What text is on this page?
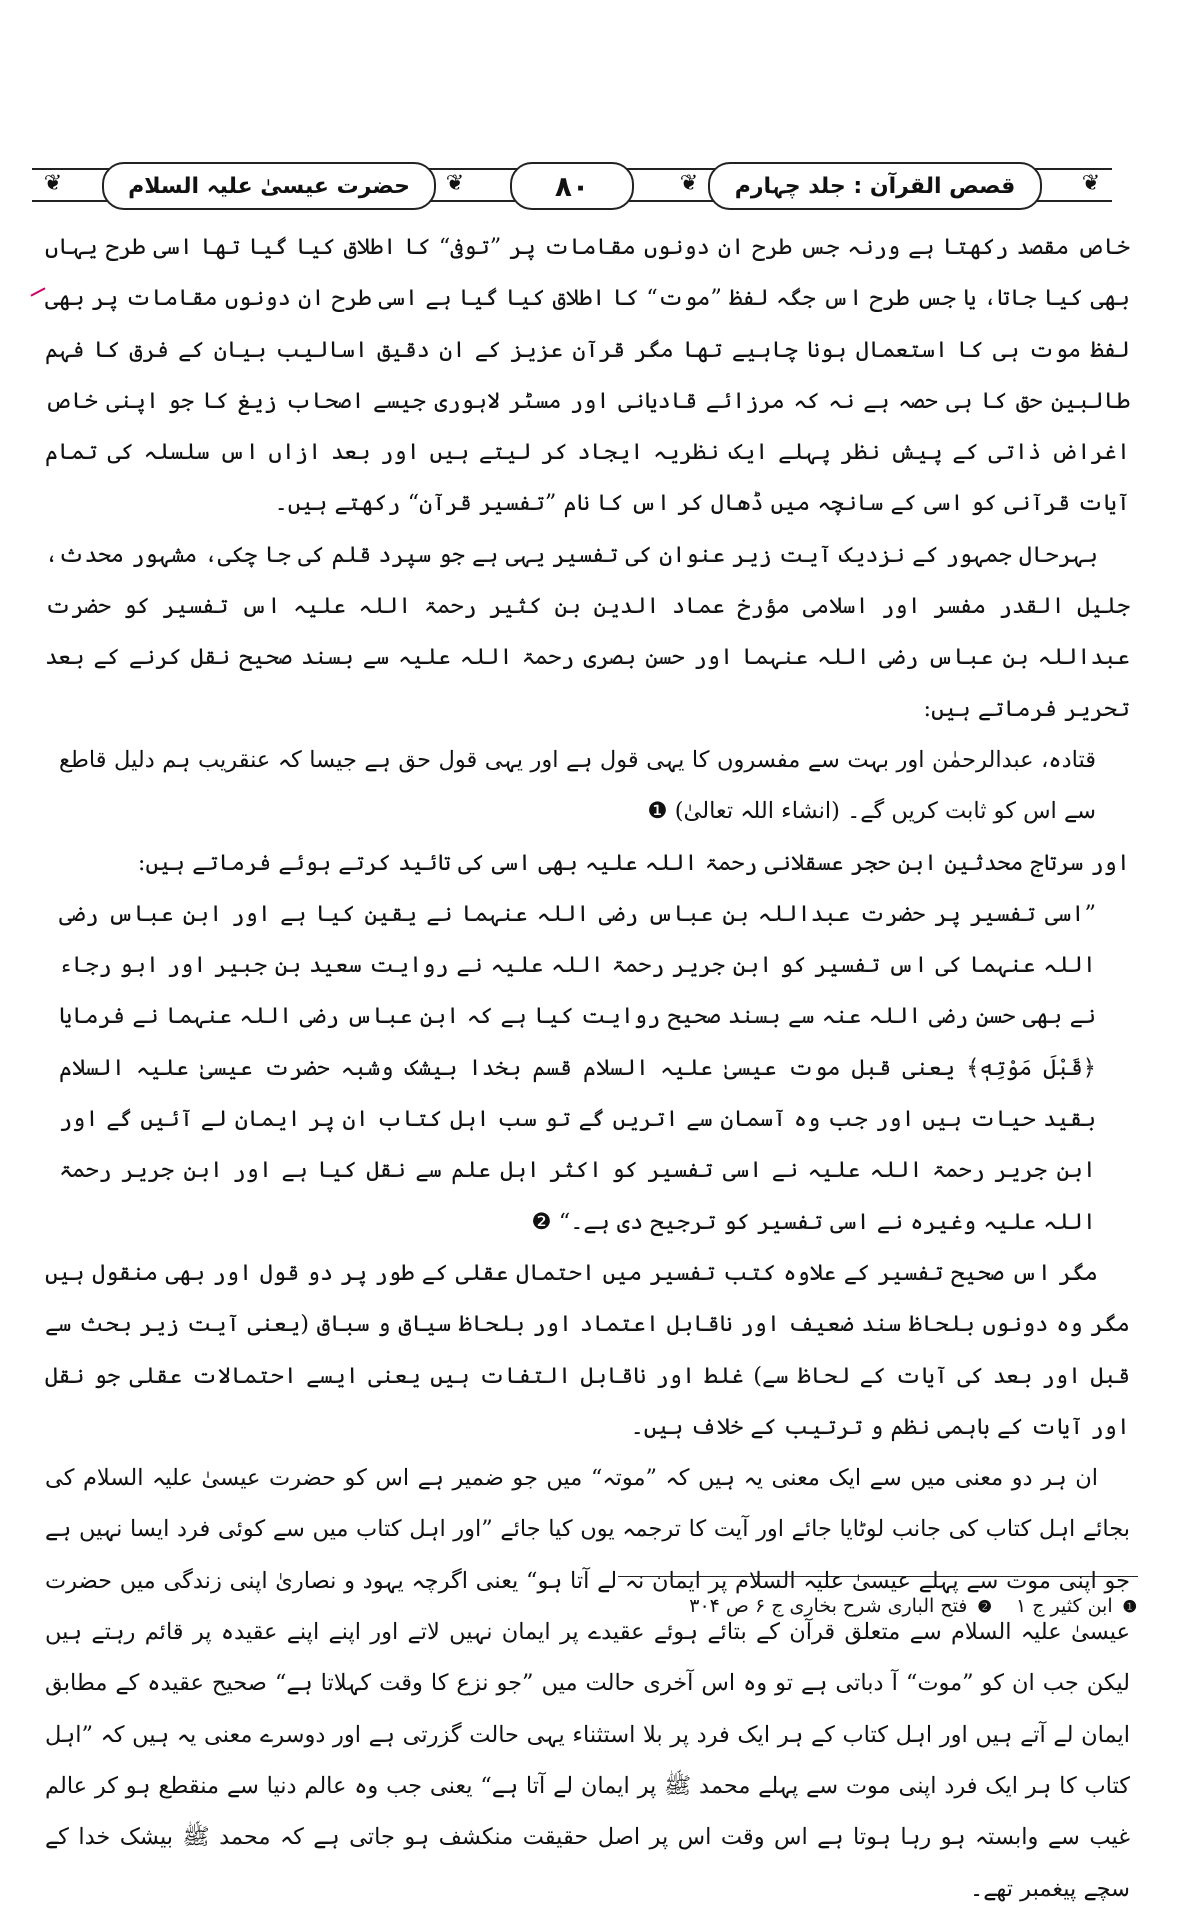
❦
❦
❦
❦	قصص القرآن : جلد چہارم
۸۰
حضرت عیسیٰ علیہ السلام

خاص مقصد رکھتا ہے ورنہ جس طرح ان دونوں مقامات پر ”توفی“ کا اطلاق کیا گیا تھا اسی طرح یہاں بھی کیا جاتا، یا جس طرح اس جگہ لفظ ”موت“ کا اطلاق کیا گیا ہے اسی طرح ان دونوں مقامات پر بھی لفظ موت ہی کا استعمال ہونا چاہیے تھا مگر قرآن عزیز کے ان دقیق اسالیب بیان کے فرق کا فہم طالبین حق کا ہی حصہ ہے نہ کہ مرزائے قادیانی اور مسٹر لاہوری جیسے اصحاب زیغ کا جو اپنی خاص اغراض ذاتی کے پیش نظر پہلے ایک نظریہ ایجاد کر لیتے ہیں اور بعد ازاں اس سلسلہ کی تمام آیات قرآنی کو اسی کے سانچہ میں ڈھال کر اس کا نام ”تفسیر قرآن“ رکھتے ہیں۔

بہرحال جمہور کے نزدیک آیت زیر عنوان کی تفسیر یہی ہے جو سپرد قلم کی جا چکی، مشہور محدث، جلیل القدر مفسر اور اسلامی مؤرخ عماد الدین بن کثیر رحمۃ اللہ علیہ اس تفسیر کو حضرت عبداللہ بن عباس رضی اللہ عنہما اور حسن بصری رحمۃ اللہ علیہ سے بسند صحیح نقل کرنے کے بعد تحریر فرماتے ہیں:

قتادہ، عبدالرحمٰن اور بہت سے مفسروں کا یہی قول ہے اور یہی قول حق ہے جیسا کہ عنقریب ہم دلیل قاطع سے اس کو ثابت کریں گے۔ (انشاء اللہ تعالیٰ) ❶

اور سرتاج محدثین ابن حجر عسقلانی رحمۃ اللہ علیہ بھی اسی کی تائید کرتے ہوئے فرماتے ہیں:

”اسی تفسیر پر حضرت عبداللہ بن عباس رضی اللہ عنہما نے یقین کیا ہے اور ابن عباس رضی اللہ عنہما کی اس تفسیر کو ابن جریر رحمۃ اللہ علیہ نے روایت سعید بن جبیر اور ابو رجاء نے بھی حسن رضی اللہ عنہ سے بسند صحیح روایت کیا ہے کہ ابن عباس رضی اللہ عنہما نے فرمایا ﴿قَبْلَ مَوْتِهٖ﴾ یعنی قبل موت عیسیٰ علیہ السلام قسم بخدا بیشک وشبہ حضرت عیسیٰ علیہ السلام بقید حیات ہیں اور جب وہ آسمان سے اتریں گے تو سب اہل کتاب ان پر ایمان لے آئیں گے اور ابن جریر رحمۃ اللہ علیہ نے اسی تفسیر کو اکثر اہل علم سے نقل کیا ہے اور ابن جریر رحمۃ اللہ علیہ وغیرہ نے اسی تفسیر کو ترجیح دی ہے۔“ ❷

مگر اس صحیح تفسیر کے علاوہ کتب تفسیر میں احتمال عقلی کے طور پر دو قول اور بھی منقول ہیں مگر وہ دونوں بلحاظ سند ضعیف اور ناقابل اعتماد اور بلحاظ سیاق و سباق (یعنی آیت زیر بحث سے قبل اور بعد کی آیات کے لحاظ سے) غلط اور ناقابل التفات ہیں یعنی ایسے احتمالات عقلی جو نقل اور آیات کے باہمی نظم و ترتیب کے خلاف ہیں۔

ان ہر دو معنی میں سے ایک معنی یہ ہیں کہ ”موتہ“ میں جو ضمیر ہے اس کو حضرت عیسیٰ علیہ السلام کی بجائے اہل کتاب کی جانب لوٹایا جائے اور آیت کا ترجمہ یوں کیا جائے ”اور اہل کتاب میں سے کوئی فرد ایسا نہیں ہے جو اپنی موت سے پہلے عیسیٰ علیہ السلام پر ایمان نہ لے آتا ہو“ یعنی اگرچہ یہود و نصاریٰ اپنی زندگی میں حضرت عیسیٰ علیہ السلام سے متعلق قرآن کے بتائے ہوئے عقیدے پر ایمان نہیں لاتے اور اپنے اپنے عقیدہ پر قائم رہتے ہیں لیکن جب ان کو ”موت“ آ دباتی ہے تو وہ اس آخری حالت میں ”جو نزع کا وقت کہلاتا ہے“ صحیح عقیدہ کے مطابق ایمان لے آتے ہیں اور اہل کتاب کے ہر ایک فرد پر بلا استثناء یہی حالت گزرتی ہے اور دوسرے معنی یہ ہیں کہ ”اہل کتاب کا ہر ایک فرد اپنی موت سے پہلے محمد ﷺ پر ایمان لے آتا ہے“ یعنی جب وہ عالم دنیا سے منقطع ہو کر عالم غیب سے وابستہ ہو رہا ہوتا ہے اس وقت اس پر اصل حقیقت منکشف ہو جاتی ہے کہ محمد ﷺ بیشک خدا کے سچے پیغمبر تھے۔

❶ ابن کثیر ج ۱    ❷ فتح الباری شرح بخاری ج ۶ ص ۳۰۴
